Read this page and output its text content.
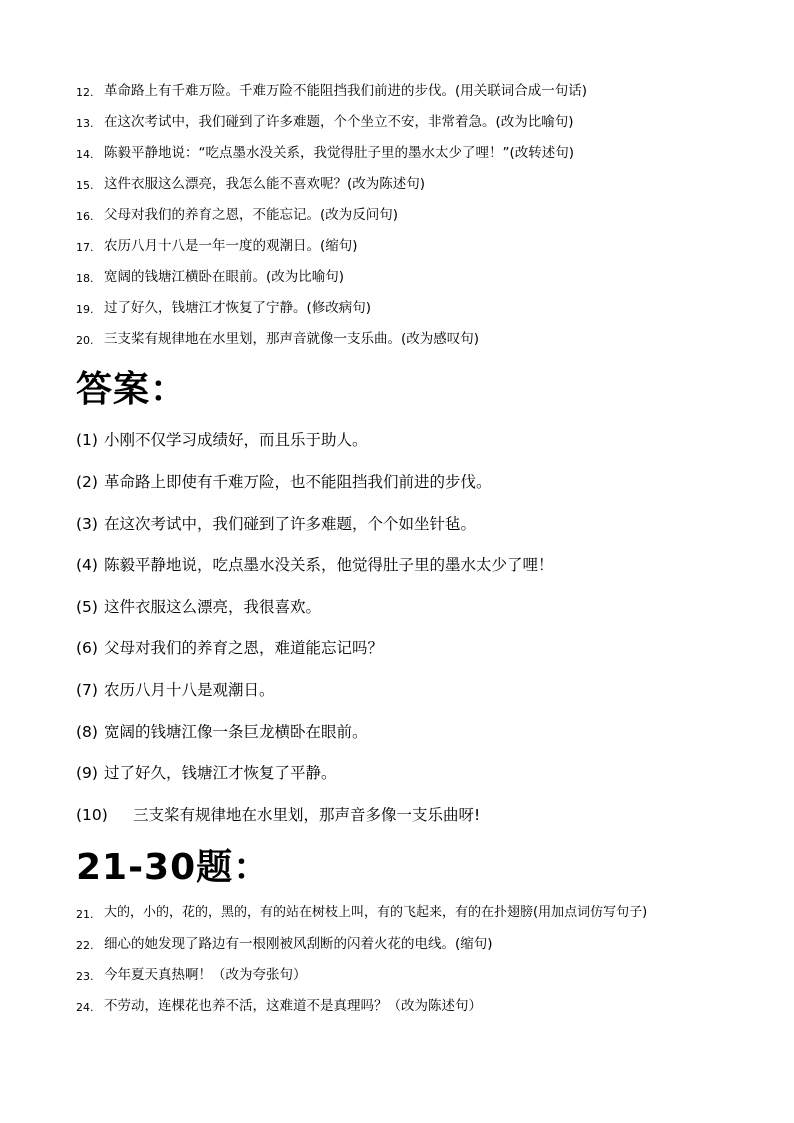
12. 革命路上有千难万险。千难万险不能阻挡我们前进的步伐。(用关联词合成一句话)
13. 在这次考试中，我们碰到了许多难题，个个坐立不安，非常着急。(改为比喻句)
14. 陈毅平静地说：“吃点墨水没关系，我觉得肚子里的墨水太少了哩！”(改转述句)
15. 这件衣服这么漂亮，我怎么能不喜欢呢？(改为陈述句)
16. 父母对我们的养育之恩，不能忘记。(改为反问句)
17. 农历八月十八是一年一度的观潮日。(缩句)
18. 宽阔的钱塘江横卧在眼前。(改为比喻句)
19. 过了好久，钱塘江才恢复了宁静。(修改病句)
20. 三支桨有规律地在水里划，那声音就像一支乐曲。(改为感叹句)
答案：
(1) 小刚不仅学习成绩好，而且乐于助人。
(2) 革命路上即使有千难万险，也不能阻挡我们前进的步伐。
(3) 在这次考试中，我们碰到了许多难题，个个如坐针毡。
(4) 陈毅平静地说，吃点墨水没关系，他觉得肚子里的墨水太少了哩！
(5) 这件衣服这么漂亮，我很喜欢。
(6) 父母对我们的养育之恩，难道能忘记吗？
(7) 农历八月十八是观潮日。
(8) 宽阔的钱塘江像一条巨龙横卧在眼前。
(9) 过了好久，钱塘江才恢复了平静。
(10) 三支桨有规律地在水里划，那声音多像一支乐曲呀!
21-30题：
21. 大的，小的，花的，黑的，有的站在树枝上叫，有的飞起来，有的在扑翅膀(用加点词仿写句子)
22. 细心的她发现了路边有一根刚被风刮断的闪着火花的电线。(缩句)
23. 今年夏天真热啊！（改为夸张句）
24. 不劳动，连棵花也养不活，这难道不是真理吗？（改为陈述句）
